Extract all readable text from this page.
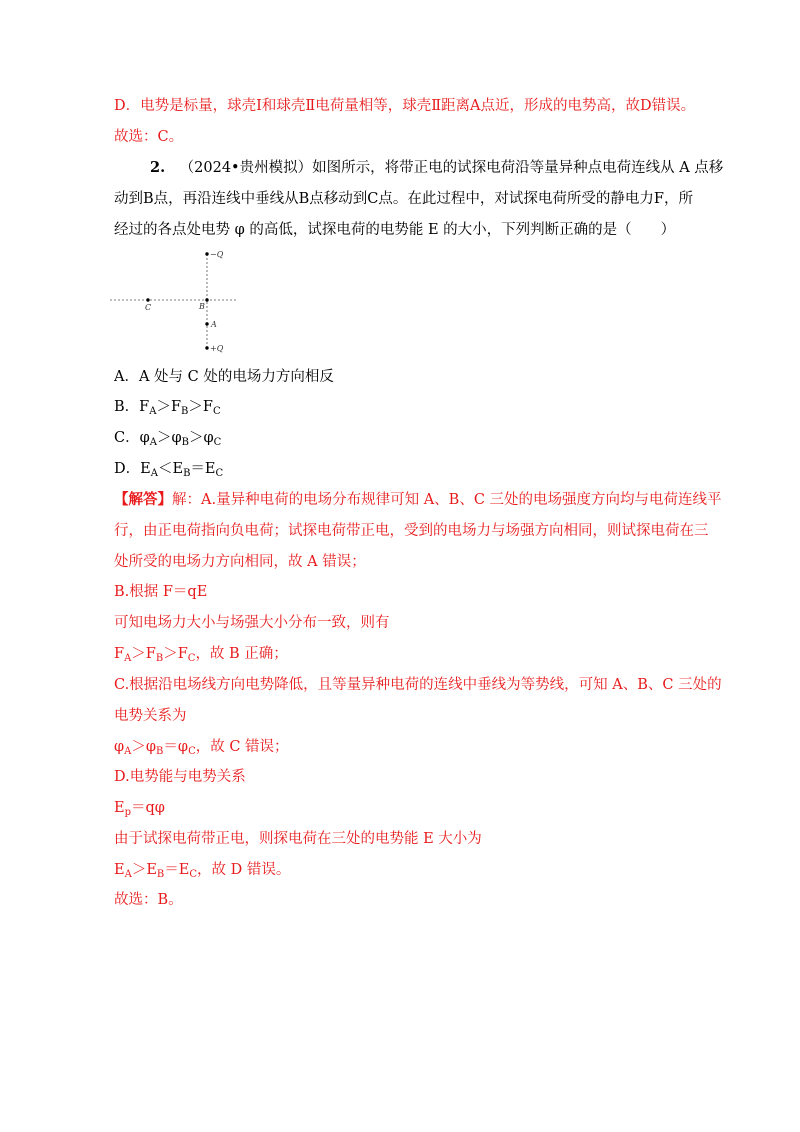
D．电势是标量，球壳Ⅰ和球壳Ⅱ电荷量相等，球壳Ⅱ距离A点近，形成的电势高，故D错误。
故选：C。
2.  （2024•贵州模拟）如图所示，将带正电的试探电荷沿等量异种点电荷连线从 A 点移
动到B点，再沿连线中垂线从B点移动到C点。在此过程中，对试探电荷所受的静电力F，所
经过的各点处电势 φ 的高低，试探电荷的电势能 E 的大小，下列判断正确的是（　　）
−Q
+Q
A
B
C
A．A 处与 C 处的电场力方向相反
B．$F_A>F_B>F_C$
C．$\varphi_A>\varphi_B>\varphi_C$
D．$E_A<E_B=E_C$
【解答】解：A.量异种电荷的电场分布规律可知 A、B、C 三处的电场强度方向均与电荷连线平
行，由正电荷指向负电荷；试探电荷带正电，受到的电场力与场强方向相同，则试探电荷在三
处所受的电场力方向相同，故 A 错误；
B.根据 F＝qE
可知电场力大小与场强大小分布一致，则有
$F_A>F_B>F_C$，故 B 正确；
C.根据沿电场线方向电势降低，且等量异种电荷的连线中垂线为等势线，可知 A、B、C 三处的
电势关系为
$\varphi_A>\varphi_B=\varphi_C$，故 C 错误；
D.电势能与电势关系
$E_p=q\varphi$
由于试探电荷带正电，则探电荷在三处的电势能 E 大小为
$E_A>E_B=E_C$，故 D 错误。
故选：B。
